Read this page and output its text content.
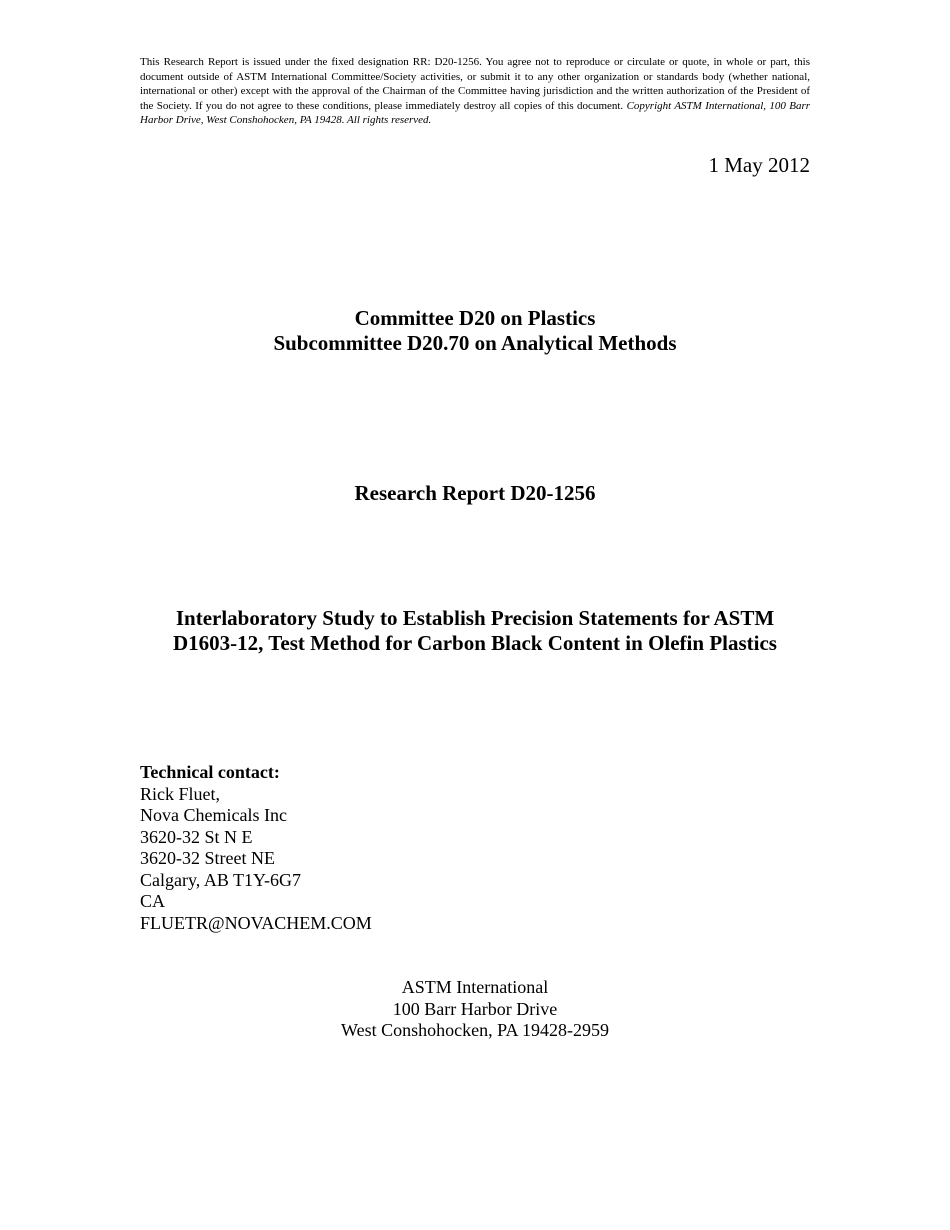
This Research Report is issued under the fixed designation RR: D20-1256. You agree not to reproduce or circulate or quote, in whole or part, this document outside of ASTM International Committee/Society activities, or submit it to any other organization or standards body (whether national, international or other) except with the approval of the Chairman of the Committee having jurisdiction and the written authorization of the President of the Society. If you do not agree to these conditions, please immediately destroy all copies of this document. Copyright ASTM International, 100 Barr Harbor Drive, West Conshohocken, PA 19428. All rights reserved.
1 May 2012
Committee D20 on Plastics
Subcommittee D20.70 on Analytical Methods
Research Report D20-1256
Interlaboratory Study to Establish Precision Statements for ASTM
D1603-12, Test Method for Carbon Black Content in Olefin Plastics
Technical contact:
Rick Fluet,
Nova Chemicals Inc
3620-32 St N E
3620-32 Street NE
Calgary, AB T1Y-6G7
CA
FLUETR@NOVACHEM.COM
ASTM International
100 Barr Harbor Drive
West Conshohocken, PA 19428-2959
